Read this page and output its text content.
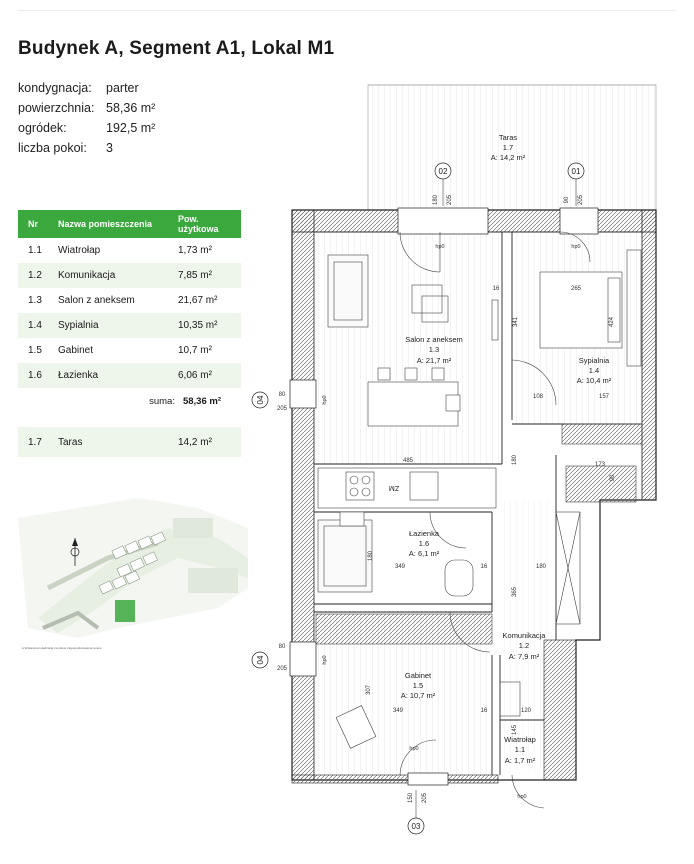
Budynek A, Segment A1, Lokal M1
kondygnacja:	parter
powierzchnia: 58,36 m²
ogródek:	192,5 m²
liczba pokoi:	3
Nr	Nazwa pomieszczenia	Pow.
użytkowa
1.1	Wiatrołap	1,73 m²
1.2	Komunikacja	7,85 m²
1.3	Salon z aneksem	21,67 m²
1.4	Sypialnia	10,35 m²
1.5	Gabinet	10,7 m²
1.6	Łazienka	6,06 m²
suma: 58,36 m²
1.7	Taras	14,2 m²
● Wskazana lokalizacja na planie zagospodarowania terenu
Taras
1.7
A: 14,2 m²
Salon z aneksem
1.3
A: 21,7 m²	Sypialnia
1.4
A: 10,4 m²
Łazienka
1.6
A: 6,1 m²
Komunikacja
1.2
A: 7,9 m²
Gabinet
1.5
A: 10,7 m²
Wiatrołap
1.1
A: 1,7 m²
02	01
04
04
03
180 205	90 205
265
341	424
16
108	157
485	180	173
90
80
205
180
349	16	180
365
307
349	16	120
145
150 205
80
205
hp0	hp0
hp0
hp0
hp0
hp0
ZM
